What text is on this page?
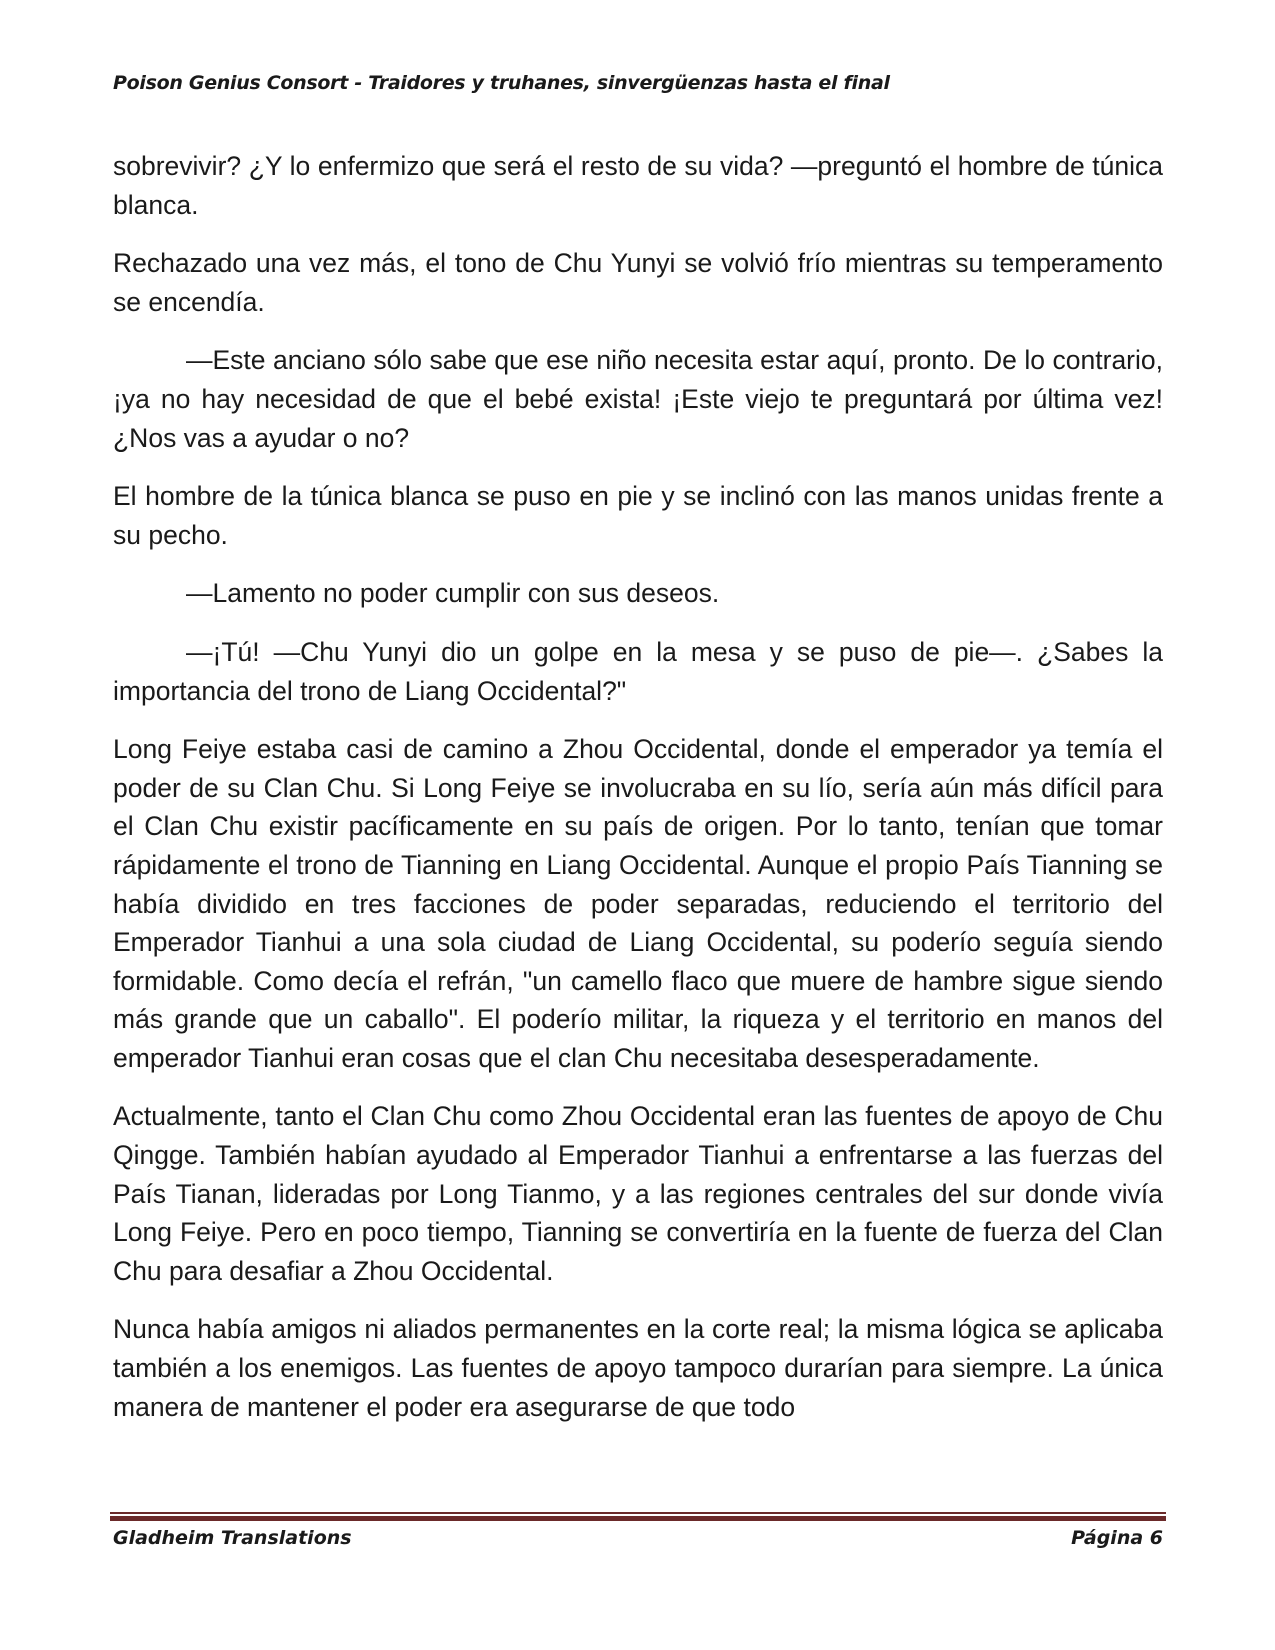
Poison Genius Consort - Traidores y truhanes, sinvergüenzas hasta el final

sobrevivir? ¿Y lo enfermizo que será el resto de su vida? —preguntó el hombre de túnica blanca.

Rechazado una vez más, el tono de Chu Yunyi se volvió frío mientras su temperamento se encendía.

—Este anciano sólo sabe que ese niño necesita estar aquí, pronto. De lo contrario, ¡ya no hay necesidad de que el bebé exista! ¡Este viejo te preguntará por última vez! ¿Nos vas a ayudar o no?

El hombre de la túnica blanca se puso en pie y se inclinó con las manos unidas frente a su pecho.

—Lamento no poder cumplir con sus deseos.

—¡Tú! —Chu Yunyi dio un golpe en la mesa y se puso de pie—. ¿Sabes la importancia del trono de Liang Occidental?"

Long Feiye estaba casi de camino a Zhou Occidental, donde el emperador ya temía el poder de su Clan Chu. Si Long Feiye se involucraba en su lío, sería aún más difícil para el Clan Chu existir pacíficamente en su país de origen. Por lo tanto, tenían que tomar rápidamente el trono de Tianning en Liang Occidental. Aunque el propio País Tianning se había dividido en tres facciones de poder separadas, reduciendo el territorio del Emperador Tianhui a una sola ciudad de Liang Occidental, su poderío seguía siendo formidable. Como decía el refrán, "un camello flaco que muere de hambre sigue siendo más grande que un caballo". El poderío militar, la riqueza y el territorio en manos del emperador Tianhui eran cosas que el clan Chu necesitaba desesperadamente.

Actualmente, tanto el Clan Chu como Zhou Occidental eran las fuentes de apoyo de Chu Qingge. También habían ayudado al Emperador Tianhui a enfrentarse a las fuerzas del País Tianan, lideradas por Long Tianmo, y a las regiones centrales del sur donde vivía Long Feiye. Pero en poco tiempo, Tianning se convertiría en la fuente de fuerza del Clan Chu para desafiar a Zhou Occidental.

Nunca había amigos ni aliados permanentes en la corte real; la misma lógica se aplicaba también a los enemigos. Las fuentes de apoyo tampoco durarían para siempre. La única manera de mantener el poder era asegurarse de que todo

Gladheim Translations	Página 6
